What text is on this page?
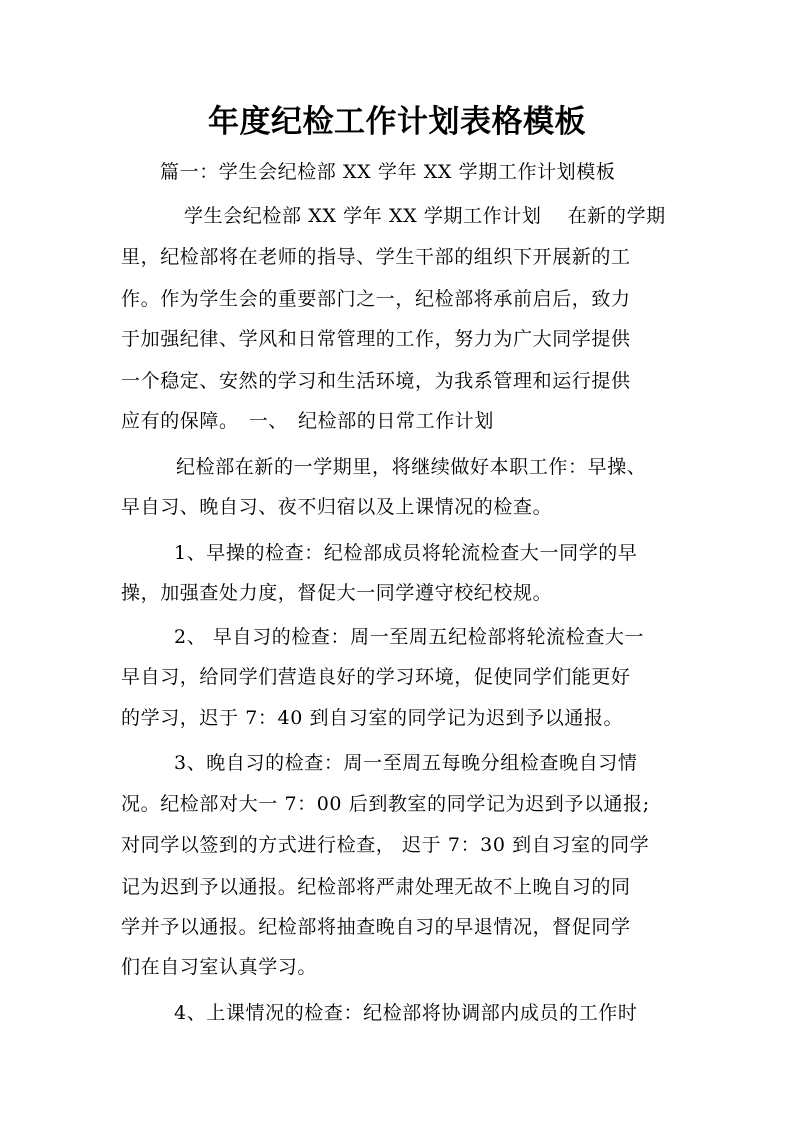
年度纪检工作计划表格模板
篇一：学生会纪检部 XX 学年 XX 学期工作计划模板
学生会纪检部 XX 学年 XX 学期工作计划　 在新的学期
里，纪检部将在老师的指导、学生干部的组织下开展新的工
作。作为学生会的重要部门之一，纪检部将承前启后，致力
于加强纪律、学风和日常管理的工作，努力为广大同学提供
一个稳定、安然的学习和生活环境，为我系管理和运行提供
应有的保障。　一、　纪检部的日常工作计划
纪检部在新的一学期里，将继续做好本职工作：早操、
早自习、晚自习、夜不归宿以及上课情况的检查。
1、早操的检查：纪检部成员将轮流检查大一同学的早
操，加强查处力度，督促大一同学遵守校纪校规。
2、 早自习的检查：周一至周五纪检部将轮流检查大一
早自习，给同学们营造良好的学习环境，促使同学们能更好
的学习，迟于 7：40 到自习室的同学记为迟到予以通报。
3、晚自习的检查：周一至周五每晚分组检查晚自习情
况。纪检部对大一 7：00 后到教室的同学记为迟到予以通报;
对同学以签到的方式进行检查， 迟于 7：30 到自习室的同学
记为迟到予以通报。纪检部将严肃处理无故不上晚自习的同
学并予以通报。纪检部将抽查晚自习的早退情况，督促同学
们在自习室认真学习。
4、上课情况的检查：纪检部将协调部内成员的工作时
